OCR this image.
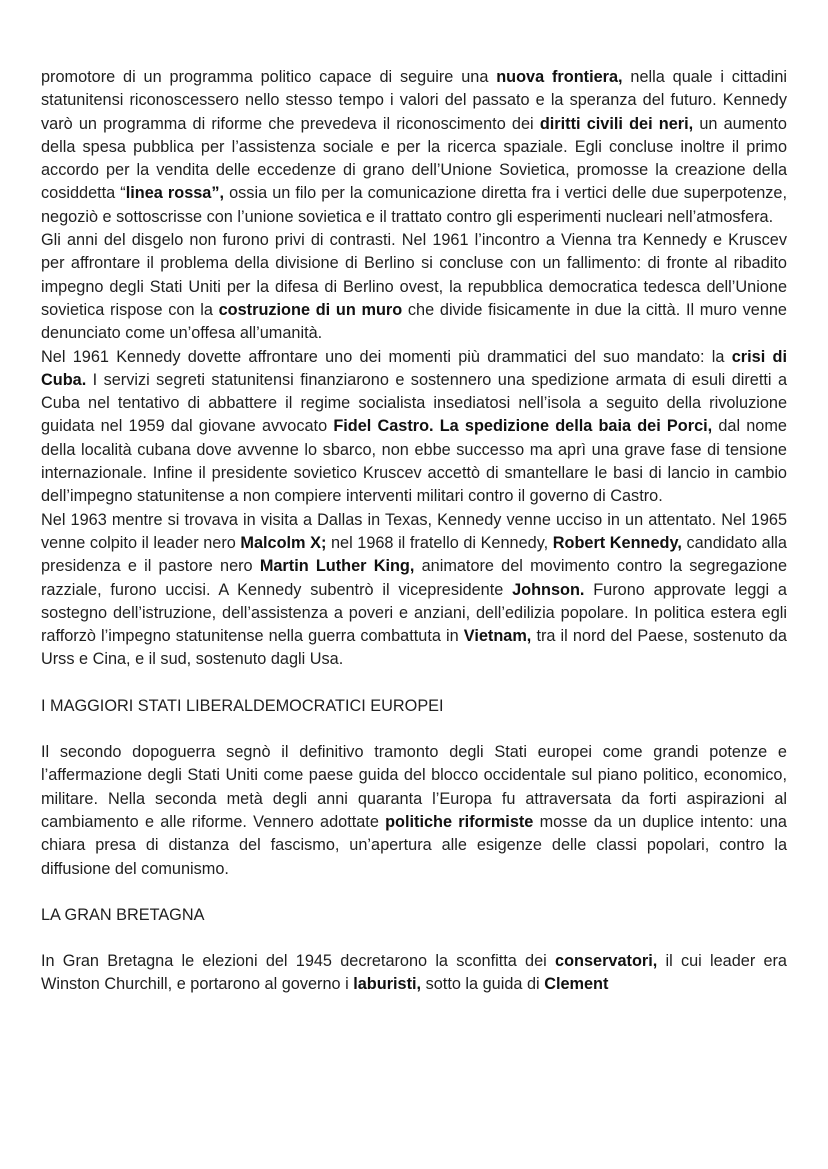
promotore di un programma politico capace di seguire una nuova frontiera, nella quale i cittadini statunitensi riconoscessero nello stesso tempo i valori del passato e la speranza del futuro. Kennedy varò un programma di riforme che prevedeva il riconoscimento dei diritti civili dei neri, un aumento della spesa pubblica per l’assistenza sociale e per la ricerca spaziale. Egli concluse inoltre il primo accordo per la vendita delle eccedenze di grano dell’Unione Sovietica, promosse la creazione della cosiddetta “linea rossa”, ossia un filo per la comunicazione diretta fra i vertici delle due superpotenze, negoziò e sottoscrisse con l’unione sovietica e il trattato contro gli esperimenti nucleari nell’atmosfera.

Gli anni del disgelo non furono privi di contrasti. Nel 1961 l’incontro a Vienna tra Kennedy e Kruscev per affrontare il problema della divisione di Berlino si concluse con un fallimento: di fronte al ribadito impegno degli Stati Uniti per la difesa di Berlino ovest, la repubblica democratica tedesca dell’Unione sovietica rispose con la costruzione di un muro che divide fisicamente in due la città. Il muro venne denunciato come un’offesa all’umanità.

Nel 1961 Kennedy dovette affrontare uno dei momenti più drammatici del suo mandato: la crisi di Cuba. I servizi segreti statunitensi finanziarono e sostennero una spedizione armata di esuli diretti a Cuba nel tentativo di abbattere il regime socialista insediatosi nell’isola a seguito della rivoluzione guidata nel 1959 dal giovane avvocato Fidel Castro. La spedizione della baia dei Porci, dal nome della località cubana dove avvenne lo sbarco, non ebbe successo ma aprì una grave fase di tensione internazionale. Infine il presidente sovietico Kruscev accettò di smantellare le basi di lancio in cambio dell’impegno statunitense a non compiere interventi militari contro il governo di Castro.

Nel 1963 mentre si trovava in visita a Dallas in Texas, Kennedy venne ucciso in un attentato. Nel 1965 venne colpito il leader nero Malcolm X; nel 1968 il fratello di Kennedy, Robert Kennedy, candidato alla presidenza e il pastore nero Martin Luther King, animatore del movimento contro la segregazione razziale, furono uccisi. A Kennedy subentrò il vicepresidente Johnson. Furono approvate leggi a sostegno dell’istruzione, dell’assistenza a poveri e anziani, dell’edilizia popolare. In politica estera egli rafforzò l’impegno statunitense nella guerra combattuta in Vietnam, tra il nord del Paese, sostenuto da Urss e Cina, e il sud, sostenuto dagli Usa.

I MAGGIORI STATI LIBERALDEMOCRATICI EUROPEI

Il secondo dopoguerra segnò il definitivo tramonto degli Stati europei come grandi potenze e l’affermazione degli Stati Uniti come paese guida del blocco occidentale sul piano politico, economico, militare. Nella seconda metà degli anni quaranta l’Europa fu attraversata da forti aspirazioni al cambiamento e alle riforme. Vennero adottate politiche riformiste mosse da un duplice intento: una chiara presa di distanza del fascismo, un’apertura alle esigenze delle classi popolari, contro la diffusione del comunismo.

LA GRAN BRETAGNA

In Gran Bretagna le elezioni del 1945 decretarono la sconfitta dei conservatori, il cui leader era Winston Churchill, e portarono al governo i laburisti, sotto la guida di Clement
